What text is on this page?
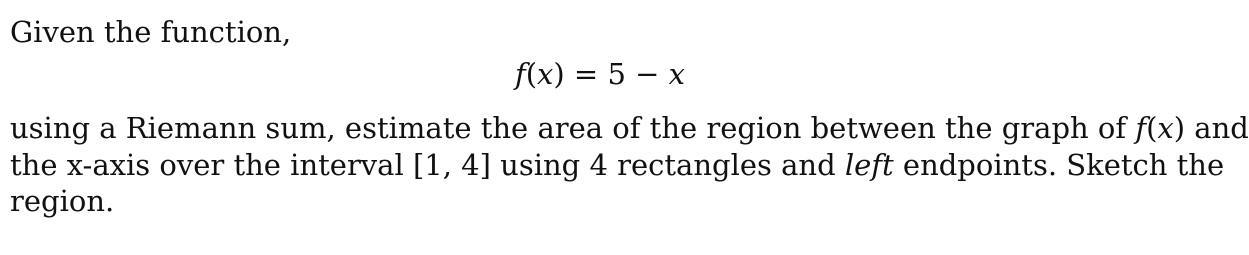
Given the function,
f(x) = 5 − x
using a Riemann sum, estimate the area of the region between the graph of f(x) and
the x-axis over the interval [1, 4] using 4 rectangles and left endpoints. Sketch the
region.
